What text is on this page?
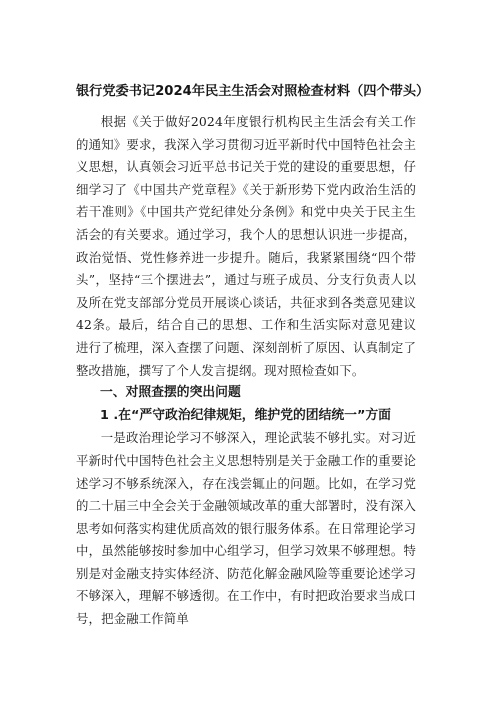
银行党委书记2024年民主生活会对照检查材料（四个带头）

根据《关于做好2024年度银行机构民主生活会有关工作的通知》要求，我深入学习贯彻习近平新时代中国特色社会主义思想，认真领会习近平总书记关于党的建设的重要思想，仔细学习了《中国共产党章程》《关于新形势下党内政治生活的若干准则》《中国共产党纪律处分条例》和党中央关于民主生活会的有关要求。通过学习，我个人的思想认识进一步提高，政治觉悟、党性修养进一步提升。随后，我紧紧围绕“四个带头”，坚持“三个摆进去”，通过与班子成员、分支行负责人以及所在党支部部分党员开展谈心谈话，共征求到各类意见建议42条。最后，结合自己的思想、工作和生活实际对意见建议进行了梳理，深入查摆了问题、深刻剖析了原因、认真制定了整改措施，撰写了个人发言提纲。现对照检查如下。

一、对照查摆的突出问题
1 .在“严守政治纪律规矩，维护党的团结统一”方面

一是政治理论学习不够深入，理论武装不够扎实。对习近平新时代中国特色社会主义思想特别是关于金融工作的重要论述学习不够系统深入，存在浅尝辄止的问题。比如，在学习党的二十届三中全会关于金融领域改革的重大部署时，没有深入思考如何落实构建优质高效的银行服务体系。在日常理论学习中，虽然能够按时参加中心组学习，但学习效果不够理想。特别是对金融支持实体经济、防范化解金融风险等重要论述学习不够深入，理解不够透彻。在工作中，有时把政治要求当成口号，把金融工作简单
